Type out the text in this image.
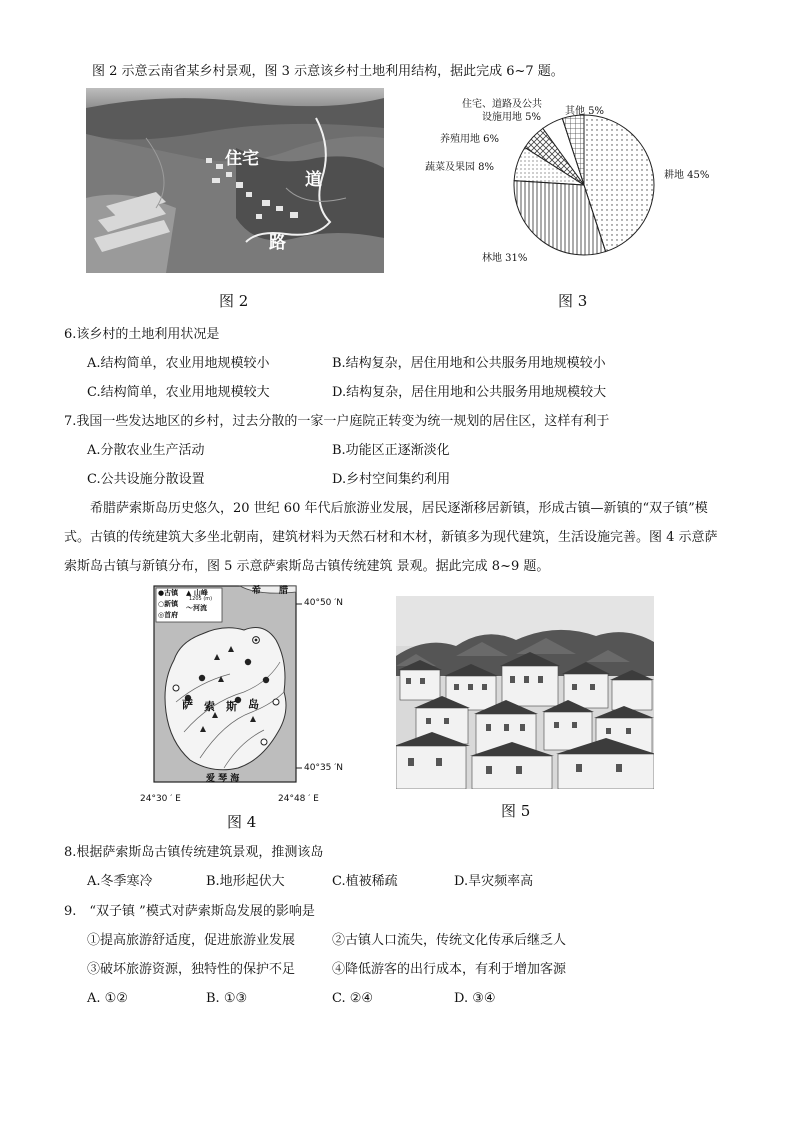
图 2 示意云南省某乡村景观，图 3 示意该乡村土地利用结构，据此完成 6~7 题。
住宅
道
路
图 2
耕地 45%
林地 31%
蔬菜及果园 8%
养殖用地 6%
住宅、道路及公共
设施用地 5%
其他 5%
图 3
6.该乡村的土地利用状况是
A.结构简单，农业用地规模较小	B.结构复杂，居住用地和公共服务用地规模较小
C.结构简单，农业用地规模较大	D.结构复杂，居住用地和公共服务用地规模较大
7.我国一些发达地区的乡村，过去分散的一家一户庭院正转变为统一规划的居住区，这样有利于
A.分散农业生产活动	B.功能区正逐渐淡化
C.公共设施分散设置	D.乡村空间集约利用
希腊萨索斯岛历史悠久，20 世纪 60 年代后旅游业发展，居民逐渐移居新镇，形成古镇—新镇的“双子镇”模
式。古镇的传统建筑大多坐北朝南，建筑材料为天然石材和木材，新镇多为现代建筑，生活设施完善。图 4 示意萨
索斯岛古镇与新镇分布，图 5 示意萨索斯岛古镇传统建筑 景观。据此完成 8~9 题。
●古镇 ▲ 山峰
1205 (m)
○新镇 〜河流
◎首府
希　　腊
萨 索 斯 岛
爱 琴 海
40°50 ′N
40°35 ′N
24°30 ′ E	24°48 ′ E
图 4
图 5
8.根据萨索斯岛古镇传统建筑景观，推测该岛
A.冬季寒冷	B.地形起伏大	C.植被稀疏	D.旱灾频率高
9.　“双子镇 ”模式对萨索斯岛发展的影响是
①提高旅游舒适度，促进旅游业发展	②古镇人口流失，传统文化传承后继乏人
③破坏旅游资源，独特性的保护不足	④降低游客的出行成本，有利于增加客源
A. ①②	B. ①③	C. ②④	D. ③④
